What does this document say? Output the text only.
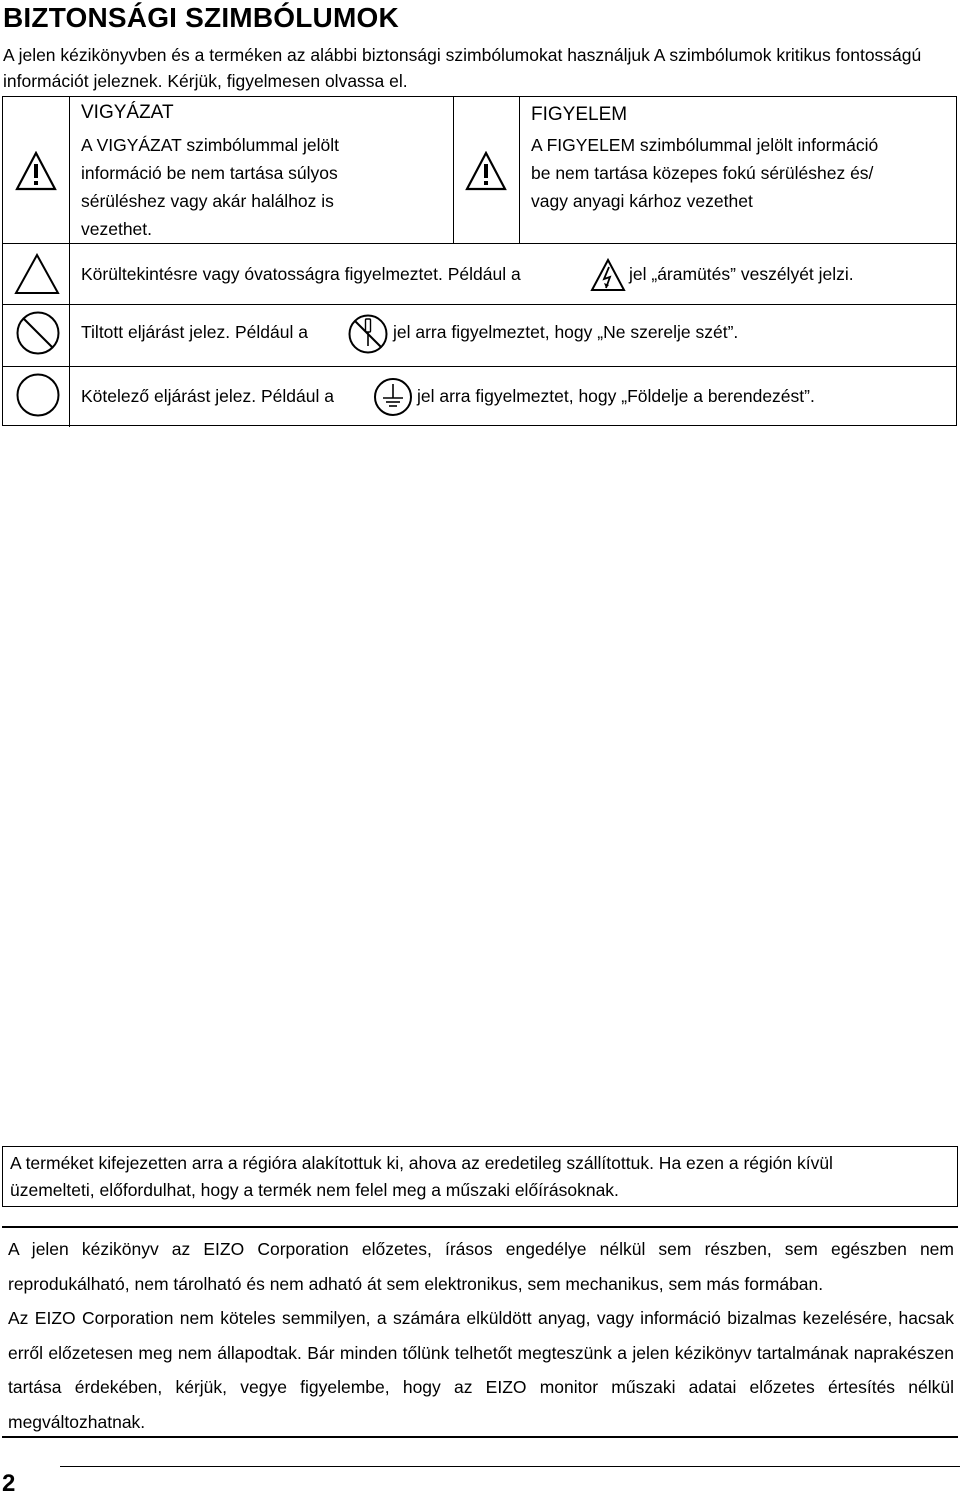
BIZTONSÁGI SZIMBÓLUMOK
A jelen kézikönyvben és a terméken az alábbi biztonsági szimbólumokat használjuk A szimbólumok kritikus fontosságú információt jeleznek. Kérjük, figyelmesen olvassa el.
VIGYÁZAT
A VIGYÁZAT szimbólummal jelölt
információ be nem tartása súlyos
sérüléshez vagy akár halálhoz is
vezethet.
FIGYELEM
A FIGYELEM szimbólummal jelölt információ
be nem tartása közepes fokú sérüléshez és/
vagy anyagi kárhoz vezethet
Körültekintésre vagy óvatosságra figyelmeztet. Például a	jel „áramütés” veszélyét jelzi.
Tiltott eljárást jelez. Például a	jel arra figyelmeztet, hogy „Ne szerelje szét”.
Kötelező eljárást jelez. Például a	jel arra figyelmeztet, hogy „Földelje a berendezést”.
A terméket kifejezetten arra a régióra alakítottuk ki, ahova az eredetileg szállítottuk. Ha ezen a régión kívül
üzemelteti, előfordulhat, hogy a termék nem felel meg a műszaki előírásoknak.

A jelen kézikönyv az EIZO Corporation előzetes, írásos engedélye nélkül sem részben, sem egészben nem reprodukálható, nem tárolható és nem adható át sem elektronikus, sem mechanikus, sem más formában.

Az EIZO Corporation nem köteles semmilyen, a számára elküldött anyag, vagy információ bizalmas kezelésére, hacsak erről előzetesen meg nem állapodtak. Bár minden tőlünk telhetőt megteszünk a jelen kézikönyv tartalmának naprakészen tartása érdekében, kérjük, vegye figyelembe, hogy az EIZO monitor műszaki adatai előzetes értesítés nélkül megváltozhatnak.

2
